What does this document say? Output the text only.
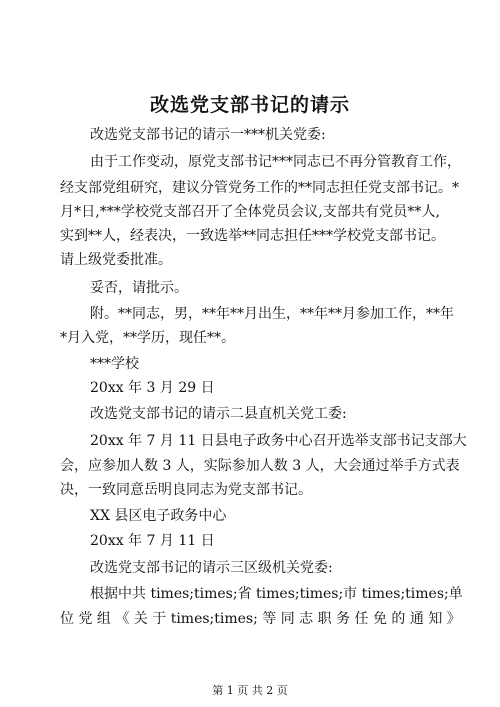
改选党支部书记的请示
改选党支部书记的请示一***机关党委:
由于工作变动，原党支部书记***同志已不再分管教育工作，
经支部党组研究，建议分管党务工作的**同志担任党支部书记。*
月*日,***学校党支部召开了全体党员会议,支部共有党员**人,
实到**人，经表决，一致选举**同志担任***学校党支部书记。
请上级党委批准。
妥否，请批示。
附。**同志，男，**年**月出生，**年**月参加工作，**年
*月入党，**学历，现任**。
***学校
20xx 年 3 月 29 日
改选党支部书记的请示二县直机关党工委:
20xx 年 7 月 11 日县电子政务中心召开选举支部书记支部大
会，应参加人数 3 人，实际参加人数 3 人，大会通过举手方式表
决，一致同意岳明良同志为党支部书记。
XX 县区电子政务中心
20xx 年 7 月 11 日
改选党支部书记的请示三区级机关党委:
根据中共 times;times;省 times;times;市 times;times;单
位 党 组 《 关 于 times;times; 等 同 志 职 务 任 免 的 通 知 》
第 1 页 共 2 页
